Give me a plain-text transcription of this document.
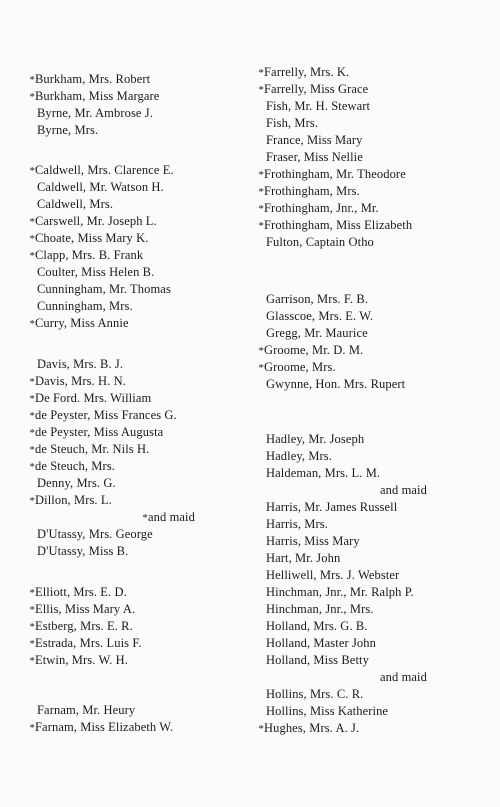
*Burkham, Mrs. Robert
*Burkham, Miss Margare
Byrne, Mr. Ambrose J.
Byrne, Mrs.
*Caldwell, Mrs. Clarence E.
Caldwell, Mr. Watson H.
Caldwell, Mrs.
*Carswell, Mr. Joseph L.
*Choate, Miss Mary K.
*Clapp, Mrs. B. Frank
Coulter, Miss Helen B.
Cunningham, Mr. Thomas
Cunningham, Mrs.
*Curry, Miss Annie
Davis, Mrs. B. J.
*Davis, Mrs. H. N.
*De Ford. Mrs. William
*de Peyster, Miss Frances G.
*de Peyster, Miss Augusta
*de Steuch, Mr. Nils H.
*de Steuch, Mrs.
Denny, Mrs. G.
*Dillon, Mrs. L.
*and maid
D'Utassy, Mrs. George
D'Utassy, Miss B.
*Elliott, Mrs. E. D.
*Ellis, Miss Mary A.
*Estberg, Mrs. E. R.
*Estrada, Mrs. Luis F.
*Etwin, Mrs. W. H.
Farnam, Mr. Heury
*Farnam, Miss Elizabeth W.
*Farrelly, Mrs. K.
*Farrelly, Miss Grace
Fish, Mr. H. Stewart
Fish, Mrs.
France, Miss Mary
Fraser, Miss Nellie
*Frothingham, Mr. Theodore
*Frothingham, Mrs.
*Frothingham, Jnr., Mr.
*Frothingham, Miss Elizabeth
Fulton, Captain Otho
Garrison, Mrs. F. B.
Glasscoe, Mrs. E. W.
Gregg, Mr. Maurice
*Groome, Mr. D. M.
*Groome, Mrs.
Gwynne, Hon. Mrs. Rupert
Hadley, Mr. Joseph
Hadley, Mrs.
Haldeman, Mrs. L. M.
and maid
Harris, Mr. James Russell
Harris, Mrs.
Harris, Miss Mary
Hart, Mr. John
Helliwell, Mrs. J. Webster
Hinchman, Jnr., Mr. Ralph P.
Hinchman, Jnr., Mrs.
Holland, Mrs. G. B.
Holland, Master John
Holland, Miss Betty
and maid
Hollins, Mrs. C. R.
Hollins, Miss Katherine
*Hughes, Mrs. A. J.
